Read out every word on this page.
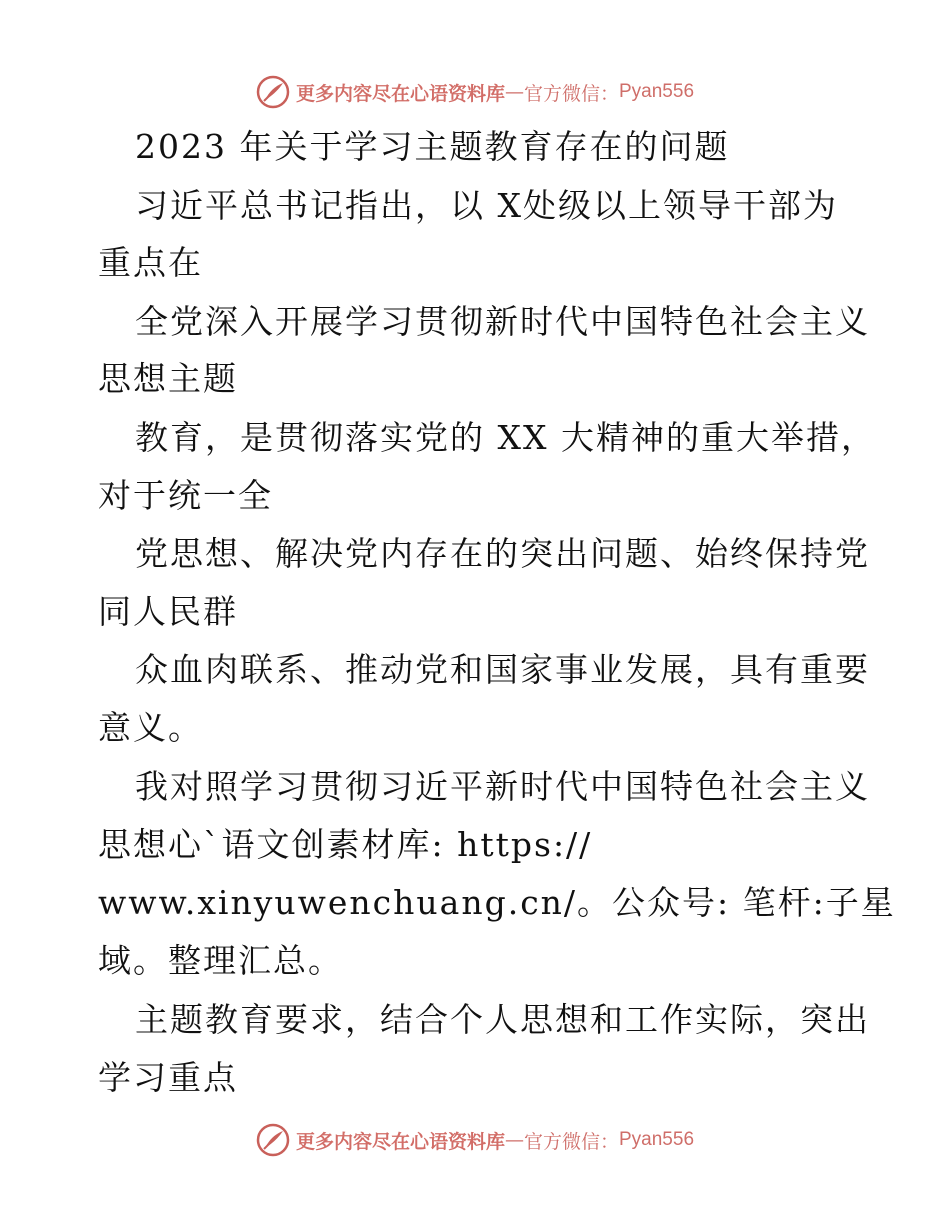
更多内容尽在心语资料库 — 官方微信： Pyan556
2023 年关于学习主题教育存在的问题
习近平总书记指出，以 X处级以上领导干部为
重点在
全党深入开展学习贯彻新时代中国特色社会主义
思想主题
教育，是贯彻落实党的 XX 大精神的重大举措，
对于统一全
党思想、解决党内存在的突出问题、始终保持党
同人民群
众血肉联系、推动党和国家事业发展，具有重要
意义。
我对照学习贯彻习近平新时代中国特色社会主义
思想心`语文创素材库: https://
www.xinyuwenchuang.cn/。公众号: 笔杆:子星
域。整理汇总。
主题教育要求，结合个人思想和工作实际，突出
学习重点
更多内容尽在心语资料库 — 官方微信： Pyan556
